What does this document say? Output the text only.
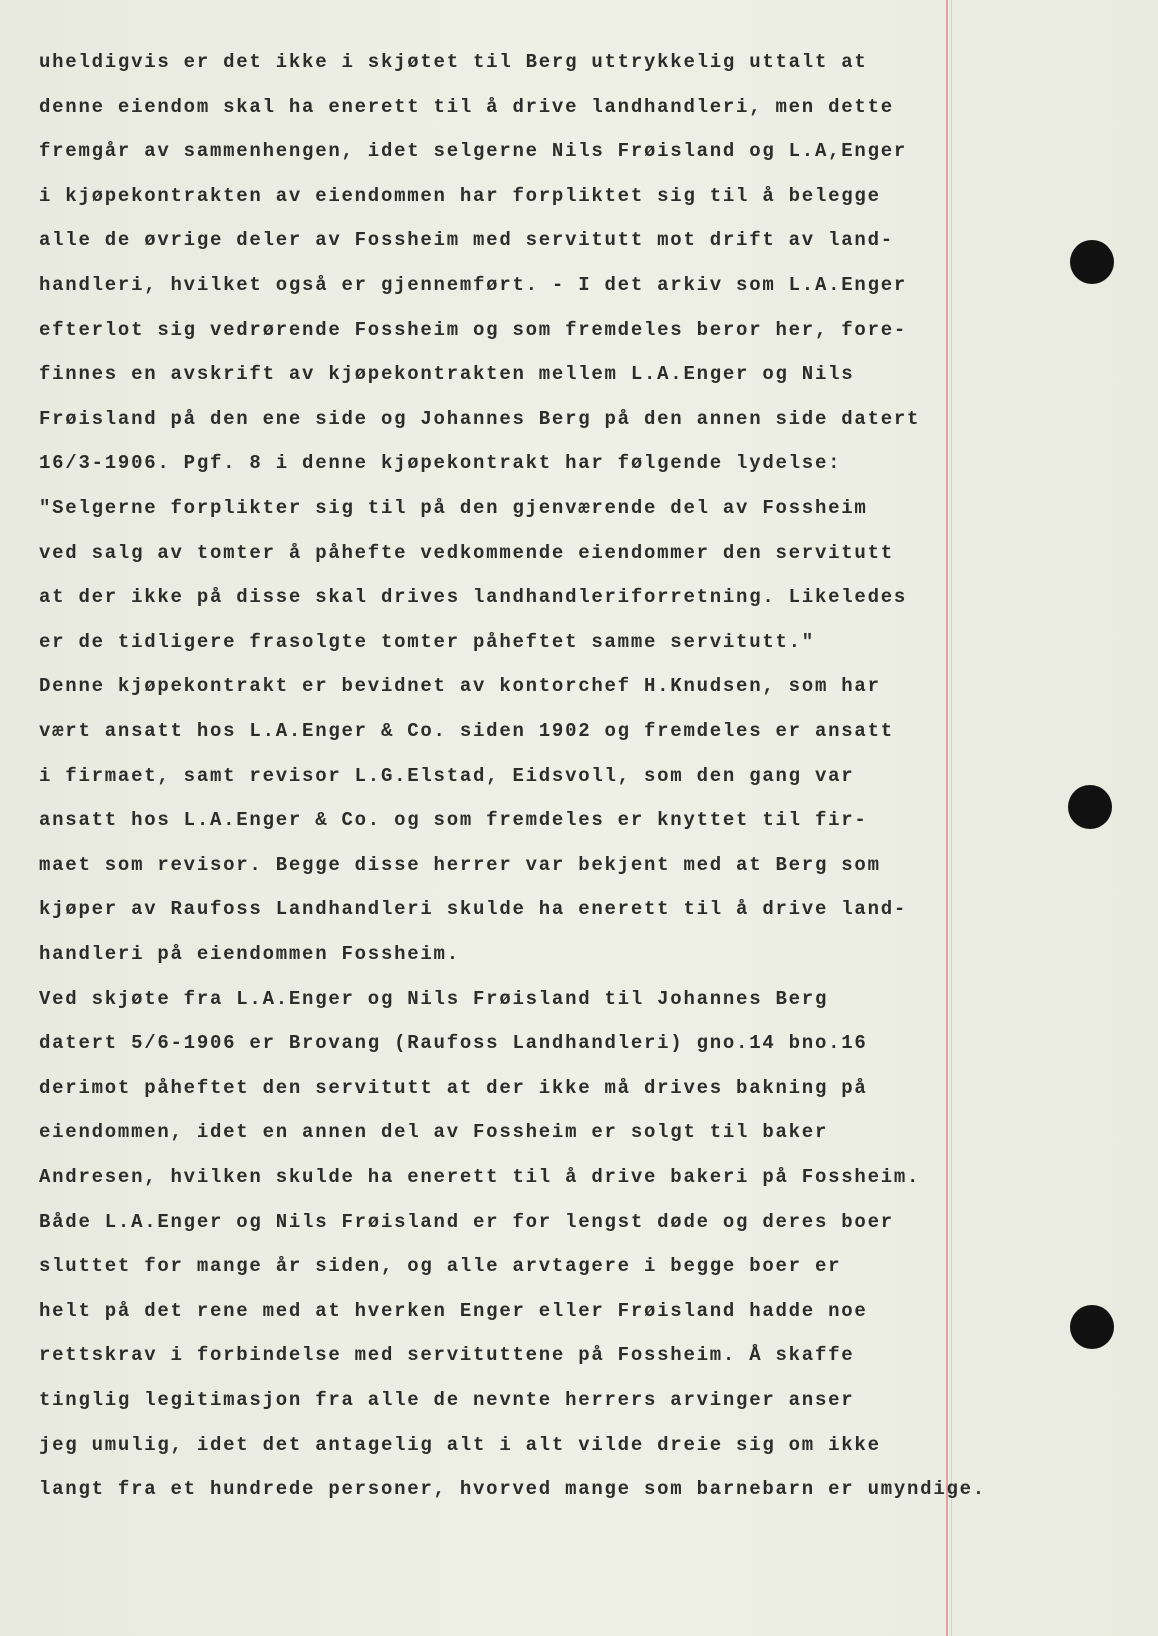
uheldigvis er det ikke i skjøtet til Berg uttrykkelig uttalt at
denne eiendom skal ha enerett til å drive landhandleri, men dette
fremgår av sammenhengen, idet selgerne Nils Frøisland og L.A,Enger
i kjøpekontrakten av eiendommen har forpliktet sig til å belegge
alle de øvrige deler av Fossheim med servitutt mot drift av land-
handleri, hvilket også er gjennemført. - I det arkiv som L.A.Enger
efterlot sig vedrørende Fossheim og som fremdeles beror her, fore-
finnes en avskrift av kjøpekontrakten mellem L.A.Enger og Nils
Frøisland på den ene side og Johannes Berg på den annen side datert
16/3-1906. Pgf. 8 i denne kjøpekontrakt har følgende lydelse:
"Selgerne forplikter sig til på den gjenværende del av Fossheim
ved salg av tomter å påhefte vedkommende eiendommer den servitutt
at der ikke på disse skal drives landhandleriforretning. Likeledes
er de tidligere frasolgte tomter påheftet samme servitutt."
Denne kjøpekontrakt er bevidnet av kontorchef H.Knudsen, som har
vært ansatt hos L.A.Enger & Co. siden 1902 og fremdeles er ansatt
i firmaet, samt revisor L.G.Elstad, Eidsvoll, som den gang var
ansatt hos L.A.Enger & Co. og som fremdeles er knyttet til fir-
maet som revisor. Begge disse herrer var bekjent med at Berg som
kjøper av Raufoss Landhandleri skulde ha enerett til å drive land-
handleri på eiendommen Fossheim.
Ved skjøte fra L.A.Enger og Nils Frøisland til Johannes Berg
datert 5/6-1906 er Brovang (Raufoss Landhandleri) gno.14 bno.16
derimot påheftet den servitutt at der ikke må drives bakning på
eiendommen, idet en annen del av Fossheim er solgt til baker
Andresen, hvilken skulde ha enerett til å drive bakeri på Fossheim.
Både L.A.Enger og Nils Frøisland er for lengst døde og deres boer
sluttet for mange år siden, og alle arvtagere i begge boer er
helt på det rene med at hverken Enger eller Frøisland hadde noe
rettskrav i forbindelse med servituttene på Fossheim. Å skaffe
tinglig legitimasjon fra alle de nevnte herrers arvinger anser
jeg umulig, idet det antagelig alt i alt vilde dreie sig om ikke
langt fra et hundrede personer, hvorved mange som barnebarn er umyndige.
